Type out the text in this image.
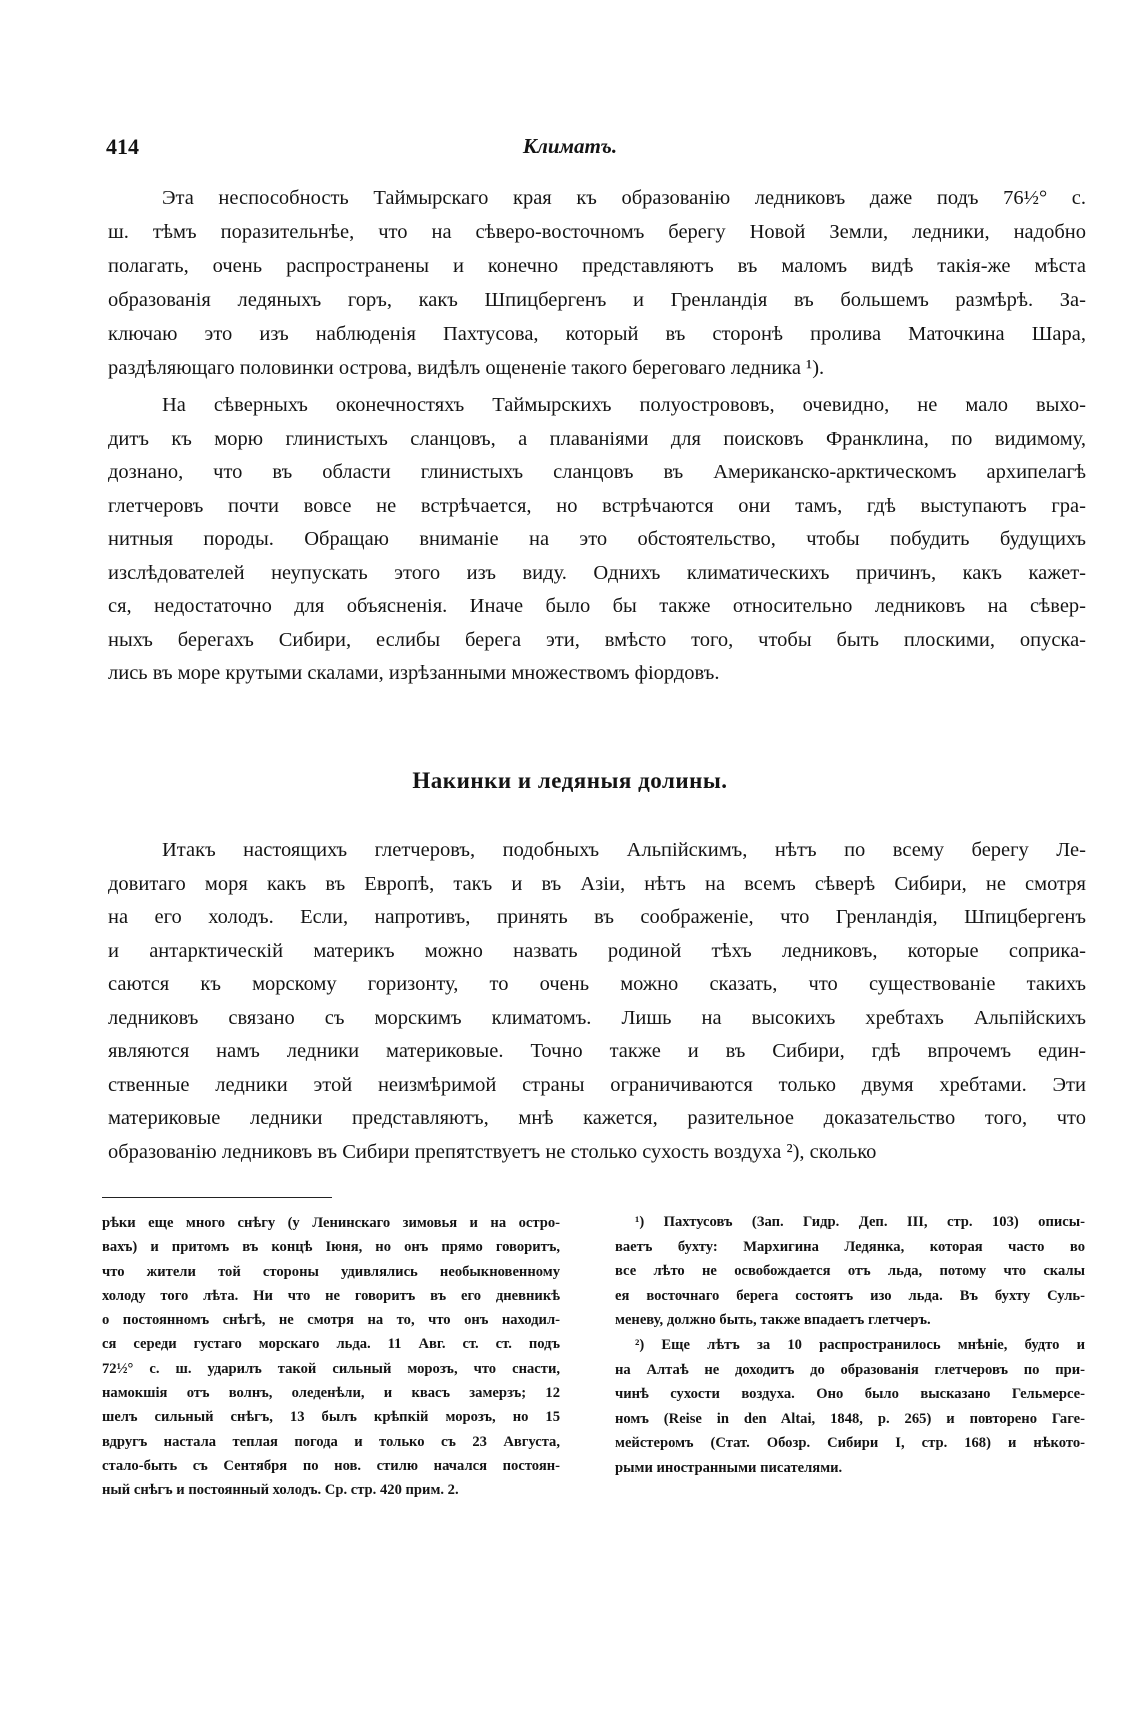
414	Климатъ.
Эта неспособность Таймырскаго края къ образованію ледниковъ даже подъ 76½° с.
ш. тѣмъ поразительнѣе, что на сѣверо-восточномъ берегу Новой Земли, ледники, надобно
полагать, очень распространены и конечно представляютъ въ маломъ видѣ такія-же мѣста
образованія ледяныхъ горъ, какъ Шпицбергенъ и Гренландія въ большемъ размѣрѣ. За-
ключаю это изъ наблюденія Пахтусова, который въ сторонѣ пролива Маточкина Шара,
раздѣляющаго половинки острова, видѣлъ ощененіе такого береговаго ледника ¹).
На сѣверныхъ оконечностяхъ Таймырскихъ полуострововъ, очевидно, не мало выхо-
дитъ къ морю глинистыхъ сланцовъ, а плаваніями для поисковъ Франклина, по видимому,
дознано, что въ области глинистыхъ сланцовъ въ Американско-арктическомъ архипелагѣ
глетчеровъ почти вовсе не встрѣчается, но встрѣчаются они тамъ, гдѣ выступаютъ гра-
нитныя породы. Обращаю вниманіе на это обстоятельство, чтобы побудить будущихъ
изслѣдователей неупускать этого изъ виду. Однихъ климатическихъ причинъ, какъ кажет-
ся, недостаточно для объясненія. Иначе было бы также относительно ледниковъ на сѣвер-
ныхъ берегахъ Сибири, еслибы берега эти, вмѣсто того, чтобы быть плоскими, опуска-
лись въ море крутыми скалами, изрѣзанными множествомъ фіордовъ.
Накинки и ледяныя долины.
Итакъ настоящихъ глетчеровъ, подобныхъ Альпійскимъ, нѣтъ по всему берегу Ле-
довитаго моря какъ въ Европѣ, такъ и въ Азіи, нѣтъ на всемъ сѣверѣ Сибири, не смотря
на его холодъ. Если, напротивъ, принять въ соображеніе, что Гренландія, Шпицбергенъ
и антарктическій материкъ можно назвать родиной тѣхъ ледниковъ, которые соприка-
саются къ морскому горизонту, то очень можно сказать, что существованіе такихъ
ледниковъ связано съ морскимъ климатомъ. Лишь на высокихъ хребтахъ Альпійскихъ
являются намъ ледники материковые. Точно также и въ Сибири, гдѣ впрочемъ един-
ственные ледники этой неизмѣримой страны ограничиваются только двумя хребтами. Эти
материковые ледники представляютъ, мнѣ кажется, разительное доказательство того, что
образованію ледниковъ въ Сибири препятствуетъ не столько сухость воздуха ²), сколько
рѣки еще много снѣгу (у Ленинскаго зимовья и на остро-
вахъ) и притомъ въ концѣ Іюня, но онъ прямо говоритъ,
что жители той стороны удивлялись необыкновенному
холоду того лѣта. Ни что не говоритъ въ его дневникѣ
о постоянномъ снѣгѣ, не смотря на то, что онъ находил-
ся середи густаго морскаго льда. 11 Авг. ст. ст. подъ
72½° с. ш. ударилъ такой сильный морозъ, что снасти,
намокшія отъ волнъ, оледенѣли, и квасъ замерзъ; 12
шелъ сильный снѣгъ, 13 былъ крѣпкій морозъ, но 15
вдругъ настала теплая погода и только съ 23 Августа,
стало-быть съ Сентября по нов. стилю начался постоян-
ный снѣгъ и постоянный холодъ. Ср. стр. 420 прим. 2.
¹) Пахтусовъ (Зап. Гидр. Деп. III, стр. 103) описы-
ваетъ бухту: Мархигина Ледянка, которая часто во
все лѣто не освобождается отъ льда, потому что скалы
ея восточнаго берега состоятъ изо льда. Въ бухту Суль-
меневу, должно быть, также впадаетъ глетчеръ.
²) Еще лѣтъ за 10 распространилось мнѣніе, будто и
на Алтаѣ не доходитъ до образованія глетчеровъ по при-
чинѣ сухости воздуха. Оно было высказано Гельмерсе-
номъ (Reise in den Altai, 1848, p. 265) и повторено Гаге-
мейстеромъ (Стат. Обозр. Сибири I, стр. 168) и нѣкото-
рыми иностранными писателями.
